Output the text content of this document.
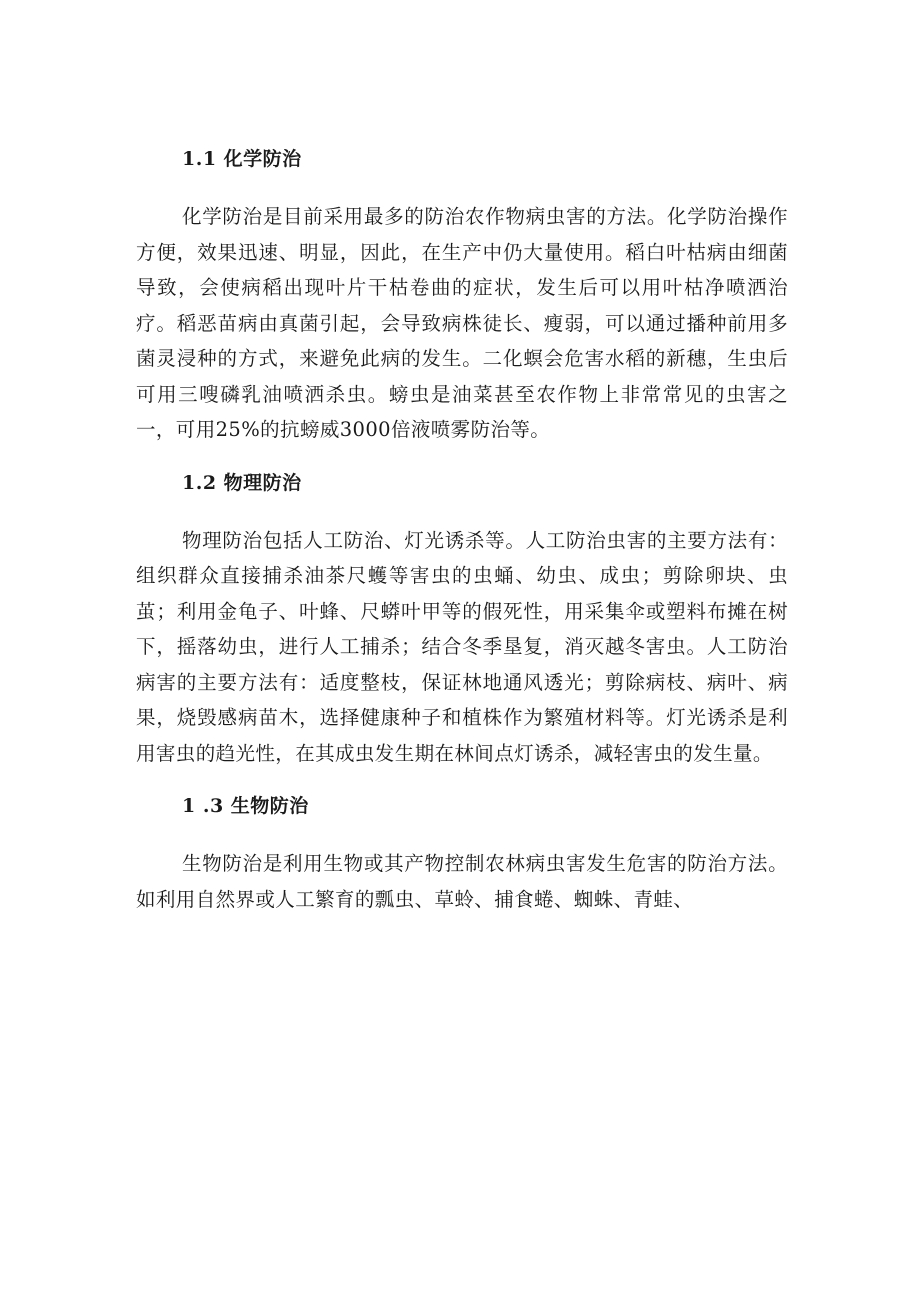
1.1 化学防治

化学防治是目前采用最多的防治农作物病虫害的方法。化学防治操作方便，效果迅速、明显，因此，在生产中仍大量使用。稻白叶枯病由细菌导致，会使病稻出现叶片干枯卷曲的症状，发生后可以用叶枯净喷洒治疗。稻恶苗病由真菌引起，会导致病株徒长、瘦弱，可以通过播种前用多菌灵浸种的方式，来避免此病的发生。二化螟会危害水稻的新穗，生虫后可用三嗖磷乳油喷洒杀虫。螃虫是油菜甚至农作物上非常常见的虫害之一，可用25%的抗螃威3000倍液喷雾防治等。

1.2 物理防治

物理防治包括人工防治、灯光诱杀等。人工防治虫害的主要方法有：组织群众直接捕杀油茶尺蠖等害虫的虫蛹、幼虫、成虫；剪除卵块、虫茧；利用金龟子、叶蜂、尺蟒叶甲等的假死性，用采集伞或塑料布摊在树下，摇落幼虫，进行人工捕杀；结合冬季垦复，消灭越冬害虫。人工防治病害的主要方法有：适度整枝，保证林地通风透光；剪除病枝、病叶、病果，烧毁感病苗木，选择健康种子和植株作为繁殖材料等。灯光诱杀是利用害虫的趋光性，在其成虫发生期在林间点灯诱杀，减轻害虫的发生量。

1 .3 生物防治

生物防治是利用生物或其产物控制农林病虫害发生危害的防治方法。如利用自然界或人工繁育的瓢虫、草蛉、捕食蜷、蜘蛛、青蛙、
